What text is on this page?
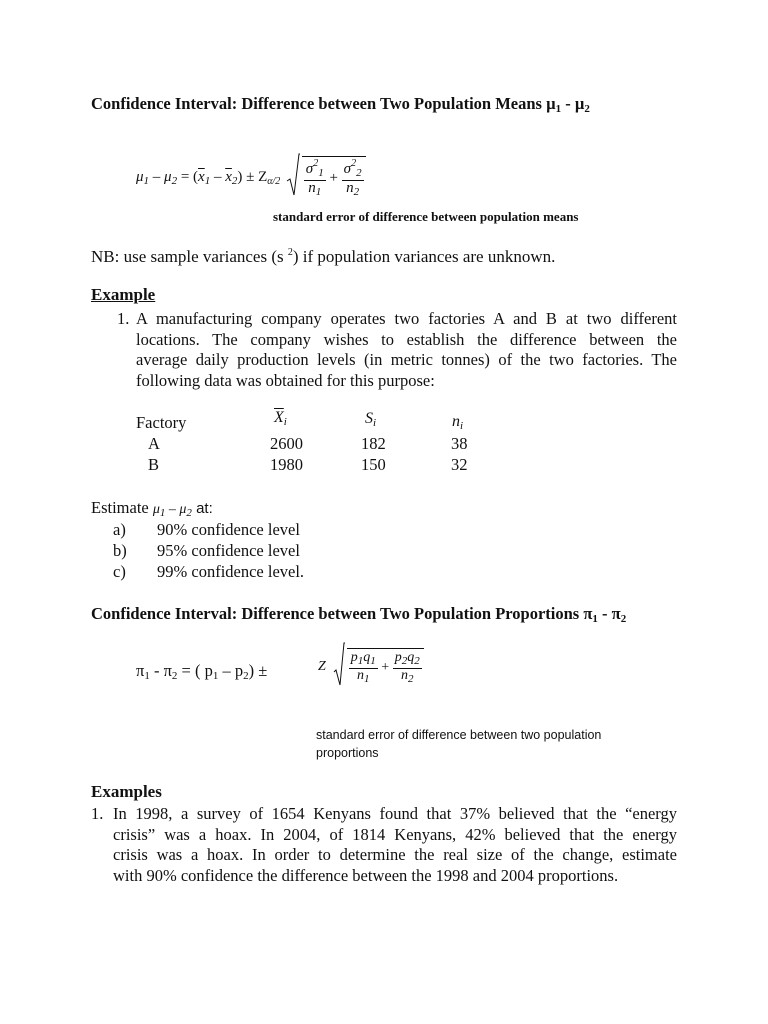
Confidence Interval: Difference between Two Population Means µ$_1$ - µ$_2$
$\mu_1 - \mu_2 = (\overline{x}_1 - \overline{x}_2) \pm Z_{\alpha/2} \frac{\sigma^2_1}{n_1} + \frac{\sigma^2_2}{n_2}$
standard error of difference between population means
NB: use sample variances (s $^2$) if population variances are unknown.
Example
1. A manufacturing company operates two factories A and B at two different
locations. The company wishes to establish the difference between the
average daily production levels (in metric tonnes) of the two factories. The
following data was obtained for this purpose:
Factory	$\overline{X}_i$	$S_i$	$n_i$
A	2600	182	38
B	1980	150	32
Estimate $\mu_1 - \mu_2$ at:
a) 90% confidence level
b) 95% confidence level
c) 99% confidence level.
Confidence Interval: Difference between Two Population Proportions $\pi_1 - \pi_2$
$\pi_1 - \pi_2$ = ( $p_1 - p_2$) ±	Z $\frac{p_1q_1}{n_1} + \frac{p_2q_2}{n_2}$
standard error of difference between two population
proportions
Examples
1. In 1998, a survey of 1654 Kenyans found that 37% believed that the “energy
crisis” was a hoax. In 2004, of 1814 Kenyans, 42% believed that the energy
crisis was a hoax. In order to determine the real size of the change, estimate
with 90% confidence the difference between the 1998 and 2004 proportions.
